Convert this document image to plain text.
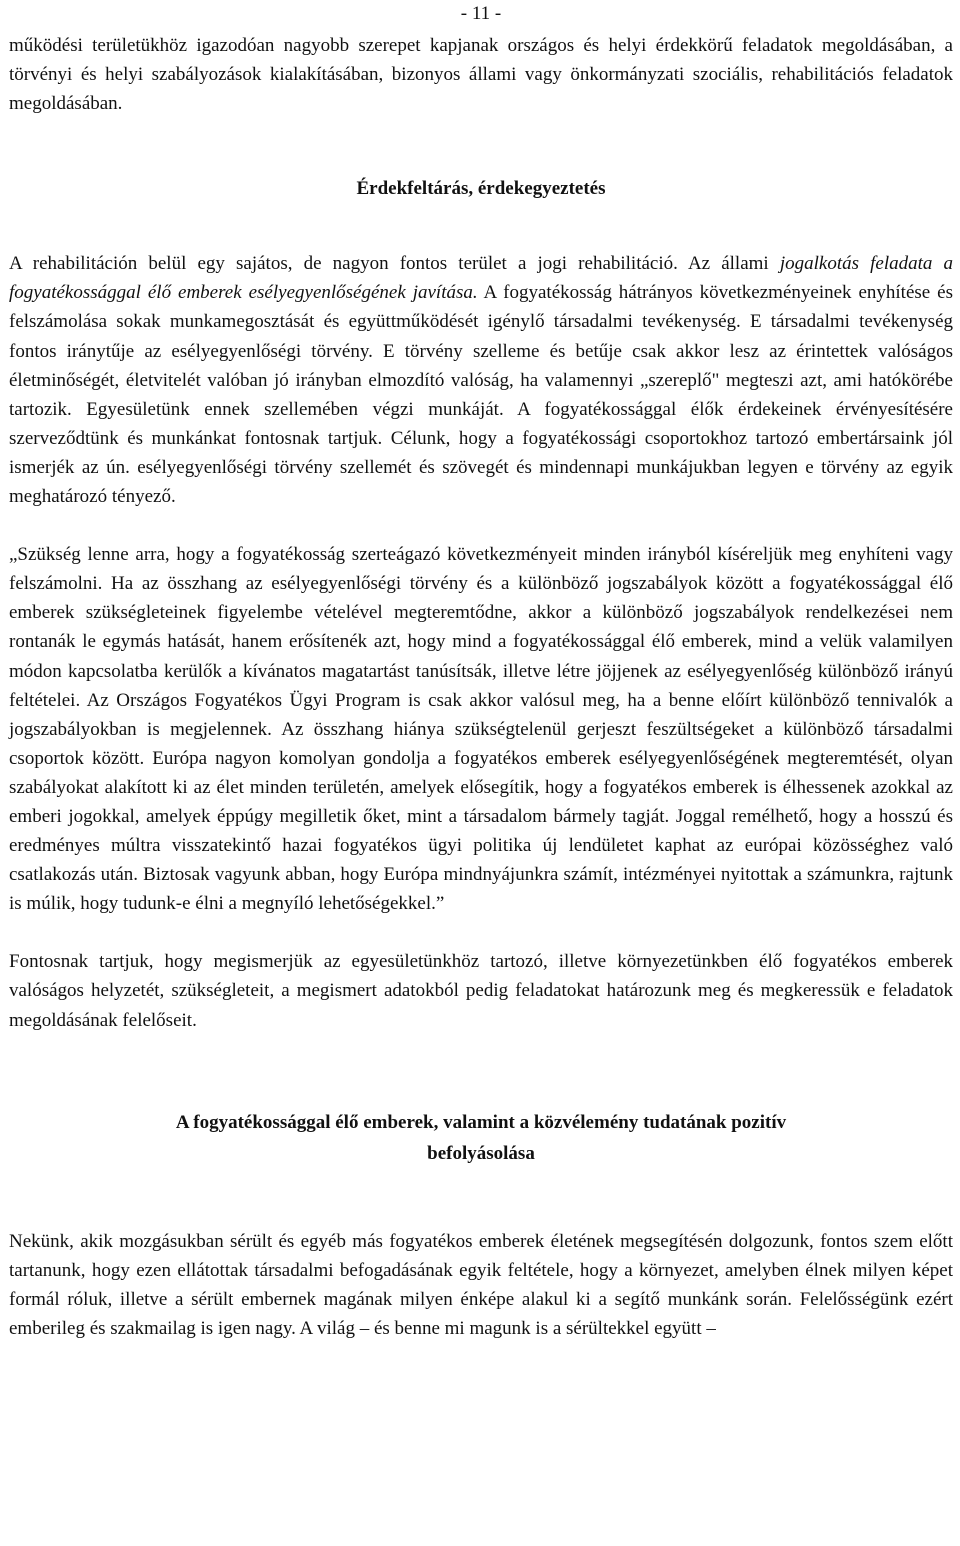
- 11 -

működési területükhöz igazodóan nagyobb szerepet kapjanak országos és helyi érdekkörű feladatok megoldásában, a törvényi és helyi szabályozások kialakításában, bizonyos állami vagy önkormányzati szociális, rehabilitációs feladatok megoldásában.

Érdekfeltárás, érdekegyeztetés

A rehabilitáción belül egy sajátos, de nagyon fontos terület a jogi rehabilitáció. Az állami jogalkotás feladata a fogyatékossággal élő emberek esélyegyenlőségének javítása. A fogyatékosság hátrányos következményeinek enyhítése és felszámolása sokak munkamegosztását és együttműködését igénylő társadalmi tevékenység. E társadalmi tevékenység fontos iránytűje az esélyegyenlőségi törvény. E törvény szelleme és betűje csak akkor lesz az érintettek valóságos életminőségét, életvitelét valóban jó irányban elmozdító valóság, ha valamennyi „szereplő" megteszi azt, ami hatókörébe tartozik. Egyesületünk ennek szellemében végzi munkáját. A fogyatékossággal élők érdekeinek érvényesítésére szerveződtünk és munkánkat fontosnak tartjuk. Célunk, hogy a fogyatékossági csoportokhoz tartozó embertársaink jól ismerjék az ún. esélyegyenlőségi törvény szellemét és szövegét és mindennapi munkájukban legyen e törvény az egyik meghatározó tényező.

„Szükség lenne arra, hogy a fogyatékosság szerteágazó következményeit minden irányból kíséreljük meg enyhíteni vagy felszámolni. Ha az összhang az esélyegyenlőségi törvény és a különböző jogszabályok között a fogyatékossággal élő emberek szükségleteinek figyelembe vételével megteremtődne, akkor a különböző jogszabályok rendelkezései nem rontanák le egymás hatását, hanem erősítenék azt, hogy mind a fogyatékossággal élő emberek, mind a velük valamilyen módon kapcsolatba kerülők a kívánatos magatartást tanúsítsák, illetve létre jöjjenek az esélyegyenlőség különböző irányú feltételei. Az Országos Fogyatékos Ügyi Program is csak akkor valósul meg, ha a benne előírt különböző tennivalók a jogszabályokban is megjelennek. Az összhang hiánya szükségtelenül gerjeszt feszültségeket a különböző társadalmi csoportok között. Európa nagyon komolyan gondolja a fogyatékos emberek esélyegyenlőségének megteremtését, olyan szabályokat alakított ki az élet minden területén, amelyek elősegítik, hogy a fogyatékos emberek is élhessenek azokkal az emberi jogokkal, amelyek éppúgy megilletik őket, mint a társadalom bármely tagját. Joggal remélhető, hogy a hosszú és eredményes múltra visszatekintő hazai fogyatékos ügyi politika új lendületet kaphat az európai közösséghez való csatlakozás után. Biztosak vagyunk abban, hogy Európa mindnyájunkra számít, intézményei nyitottak a számunkra, rajtunk is múlik, hogy tudunk-e élni a megnyíló lehetőségekkel.”

Fontosnak tartjuk, hogy megismerjük az egyesületünkhöz tartozó, illetve környezetünkben élő fogyatékos emberek valóságos helyzetét, szükségleteit, a megismert adatokból pedig feladatokat határozunk meg és megkeressük e feladatok megoldásának felelőseit.

A fogyatékossággal élő emberek, valamint a közvélemény tudatának pozitív
befolyásolása

Nekünk, akik mozgásukban sérült és egyéb más fogyatékos emberek életének megsegítésén dolgozunk, fontos szem előtt tartanunk, hogy ezen ellátottak társadalmi befogadásának egyik feltétele, hogy a környezet, amelyben élnek milyen képet formál róluk, illetve a sérült embernek magának milyen énképe alakul ki a segítő munkánk során. Felelősségünk ezért emberileg és szakmailag is igen nagy. A világ – és benne mi magunk is a sérültekkel együtt –
